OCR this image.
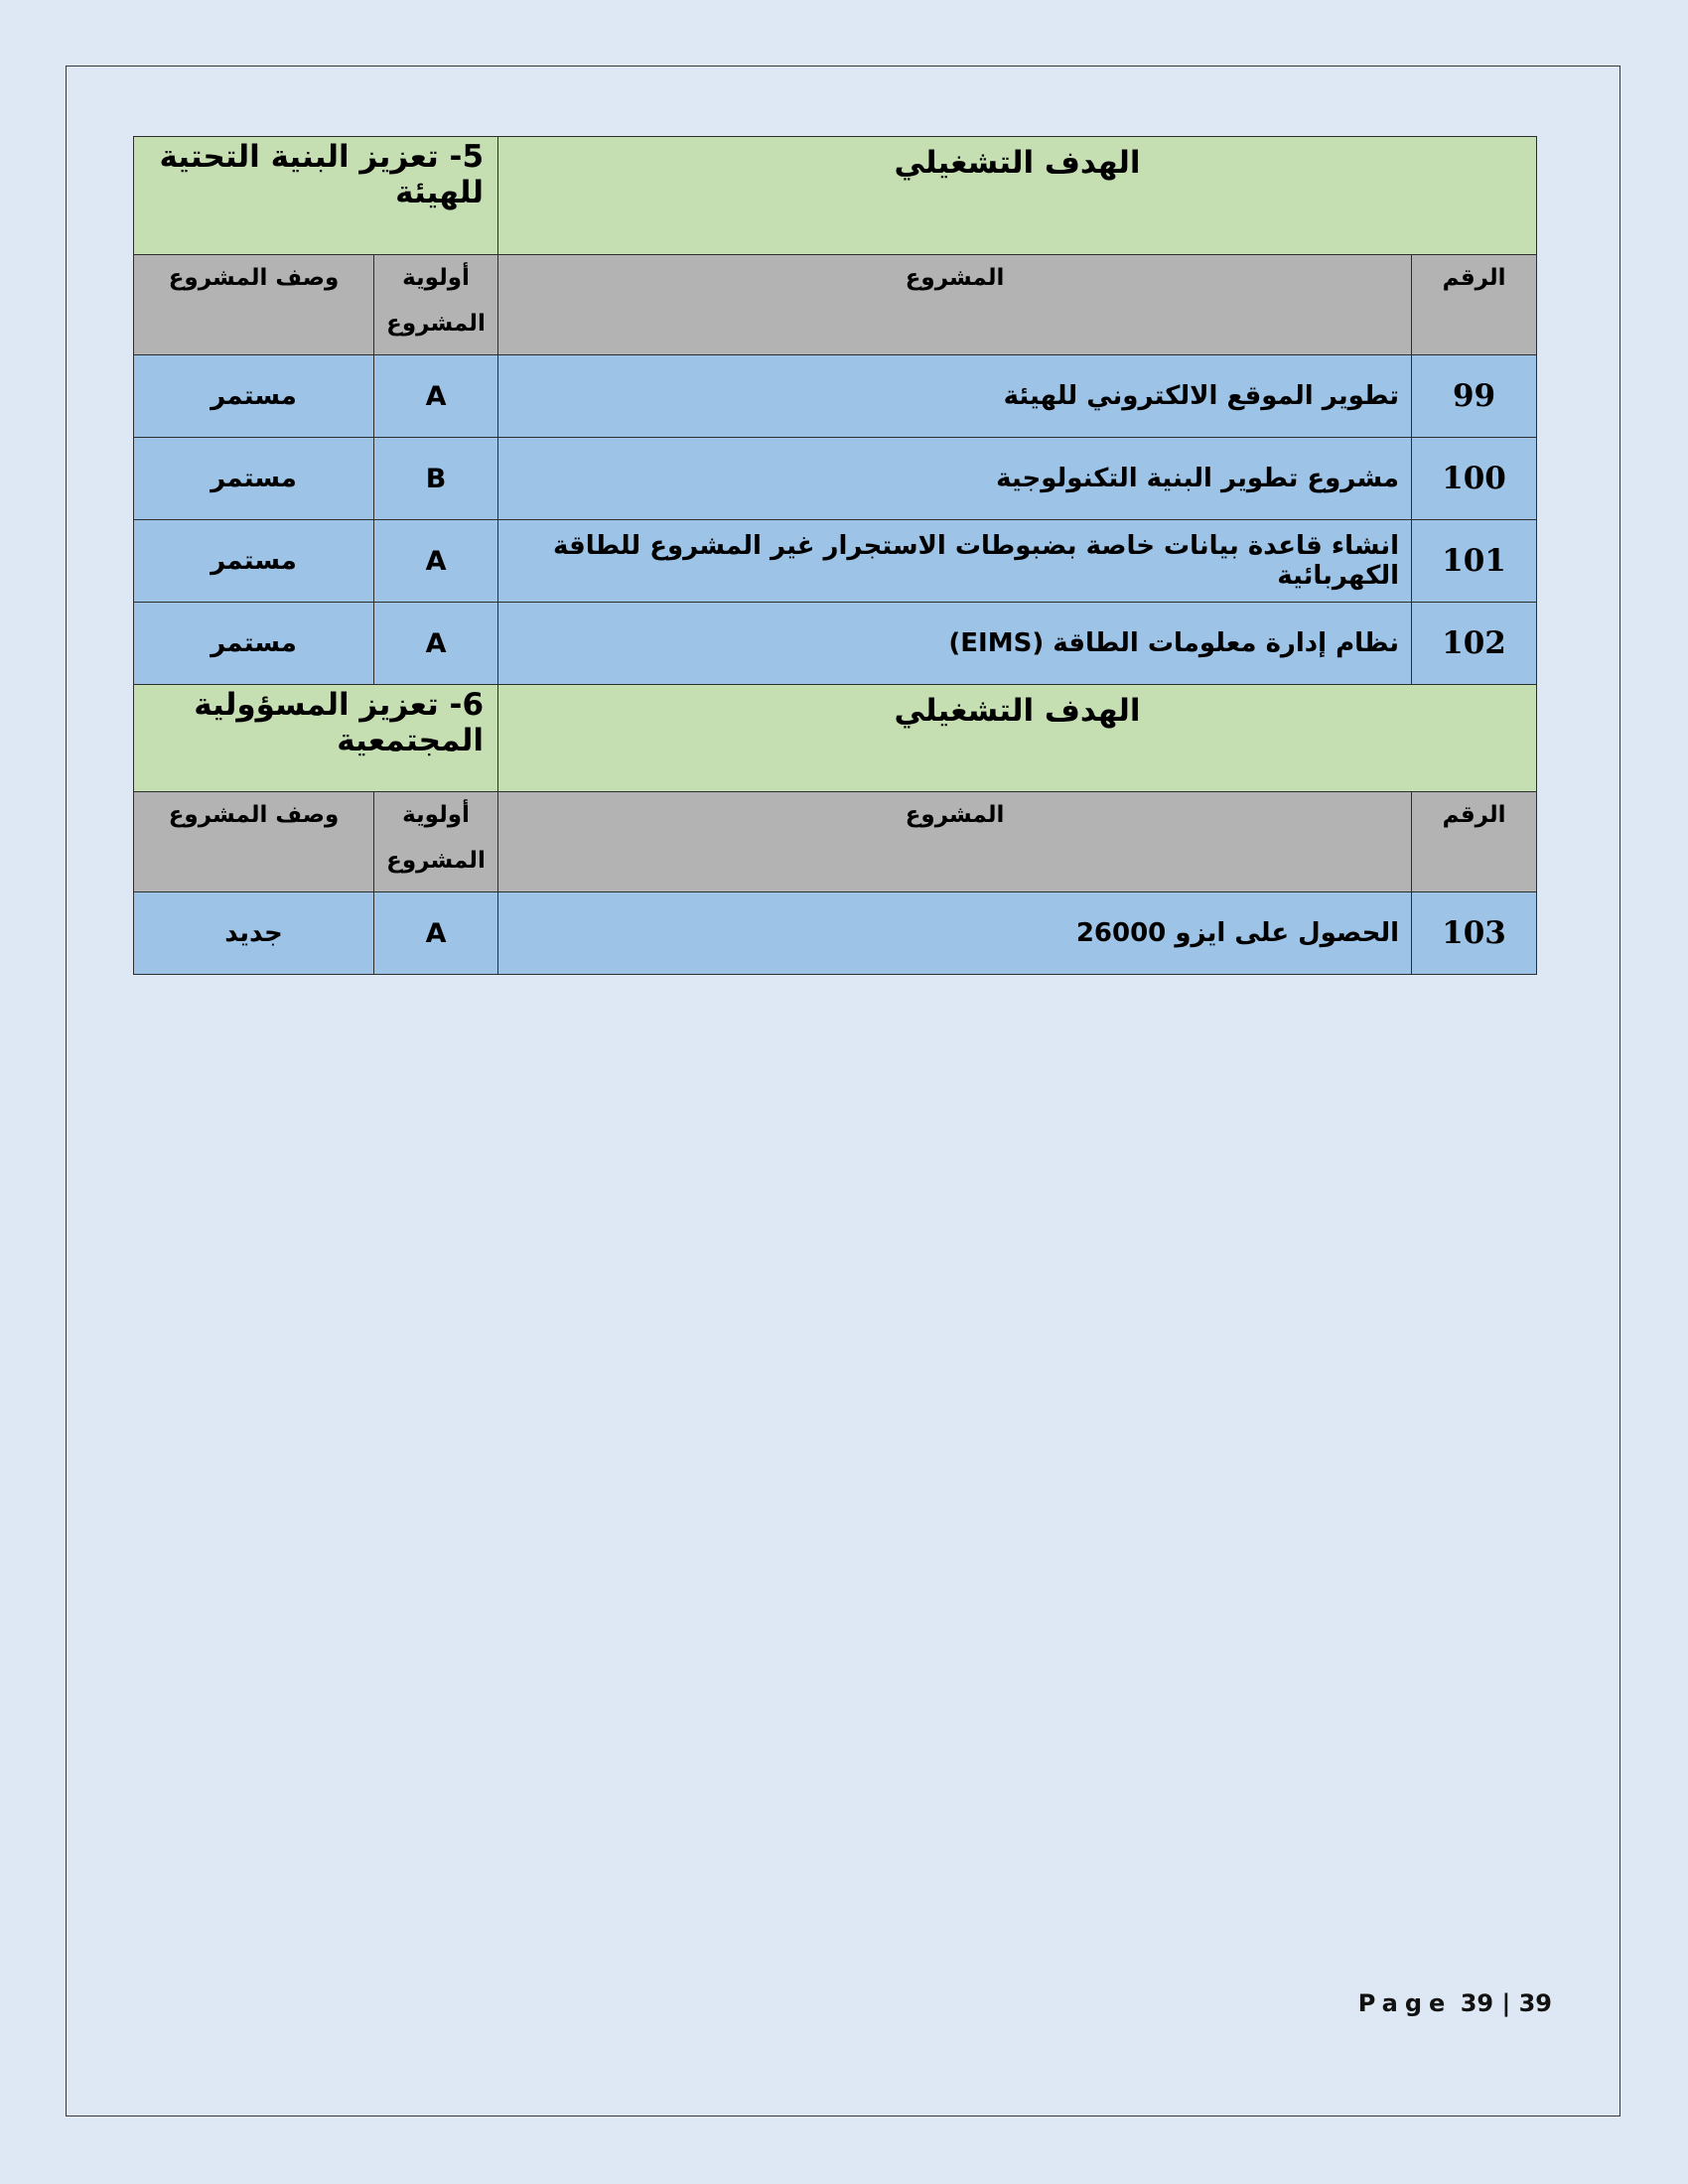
الهدف التشغيلي		5- تعزيز البنية التحتية للهيئة	
الرقم	المشروع	أولوية المشروع	وصف المشروع
99	تطوير الموقع الالكتروني للهيئة	A	مستمر
100	مشروع تطوير البنية التكنولوجية	B	مستمر
101	انشاء قاعدة بيانات خاصة بضبوطات الاستجرار غير المشروع للطاقة الكهربائية	A	مستمر
102	نظام إدارة معلومات الطاقة (EIMS)	A	مستمر
الهدف التشغيلي		6- تعزيز المسؤولية المجتمعية	
الرقم	المشروع	أولوية المشروع	وصف المشروع
103	الحصول على ايزو 26000	A	جديد
Page 39 | 39
